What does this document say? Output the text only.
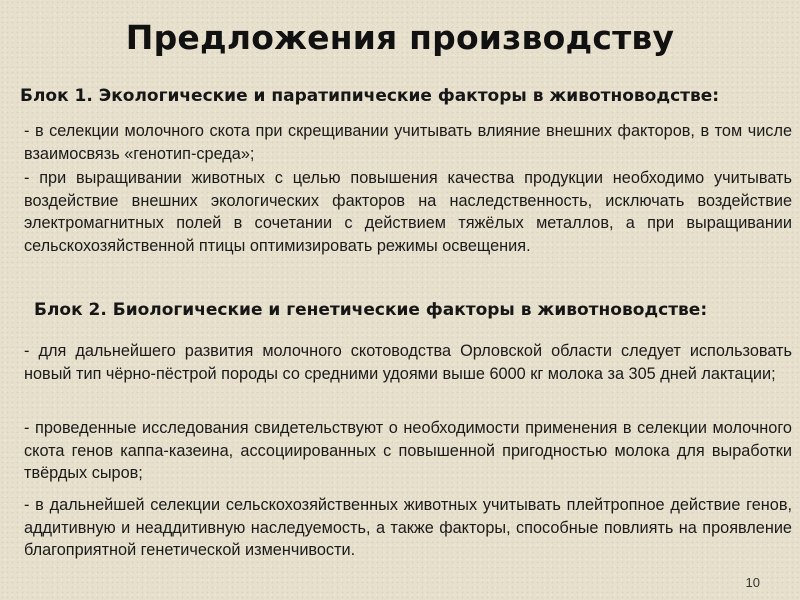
Предложения производству
Блок 1. Экологические и паратипические факторы в животноводстве:
- в селекции молочного скота при скрещивании учитывать влияние внешних факторов, в том числе взаимосвязь «генотип-среда»;
- при выращивании животных с целью повышения качества продукции необходимо учитывать воздействие внешних экологических факторов на наследственность, исключать воздействие электромагнитных полей в сочетании с действием тяжёлых металлов, а при выращивании сельскохозяйственной птицы оптимизировать режимы освещения.
Блок 2. Биологические и генетические факторы в животноводстве:
- для дальнейшего развития молочного скотоводства Орловской области следует использовать новый тип чёрно-пёстрой породы со средними удоями выше 6000 кг молока за 305 дней лактации;
- проведенные исследования свидетельствуют о необходимости применения в селекции молочного скота генов каппа-казеина, ассоциированных с повышенной пригодностью молока для выработки твёрдых сыров;
- в дальнейшей селекции сельскохозяйственных животных учитывать плейтропное действие генов, аддитивную и неаддитивную наследуемость, а также факторы, способные повлиять на проявление благоприятной генетической изменчивости.
10
